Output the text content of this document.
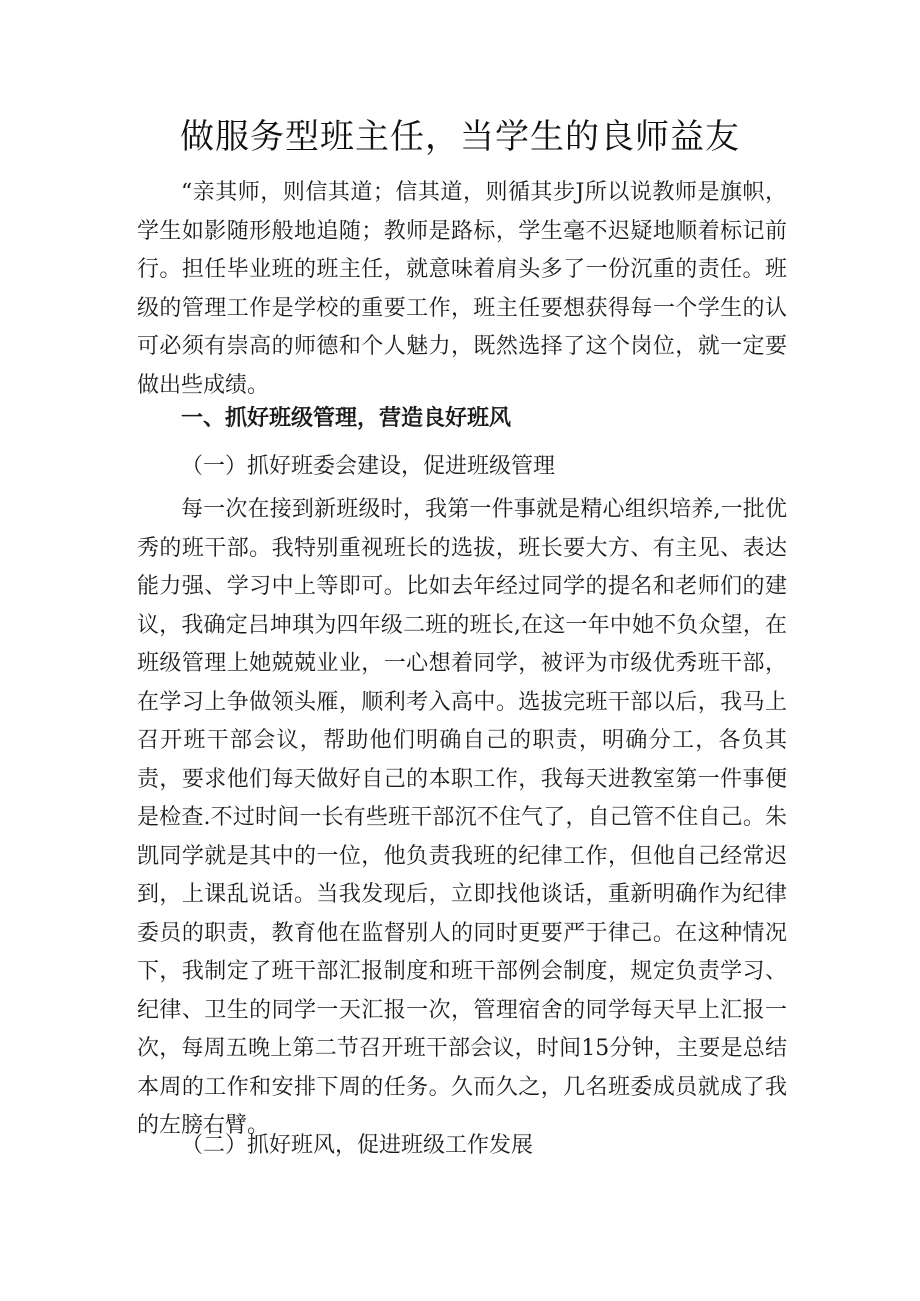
做服务型班主任，当学生的良师益友

“亲其师，则信其道；信其道，则循其步J所以说教师是旗帜，学生如影随形般地追随；教师是路标，学生毫不迟疑地顺着标记前行。担任毕业班的班主任，就意味着肩头多了一份沉重的责任。班级的管理工作是学校的重要工作，班主任要想获得每一个学生的认可必须有崇高的师德和个人魅力，既然选择了这个岗位，就一定要做出些成绩。

一、抓好班级管理，营造良好班风

（一）抓好班委会建设，促进班级管理

每一次在接到新班级时，我第一件事就是精心组织培养,一批优秀的班干部。我特别重视班长的选拔，班长要大方、有主见、表达能力强、学习中上等即可。比如去年经过同学的提名和老师们的建议，我确定吕坤琪为四年级二班的班长,在这一年中她不负众望，在班级管理上她兢兢业业，一心想着同学，被评为市级优秀班干部，在学习上争做领头雁，顺利考入高中。选拔完班干部以后，我马上召开班干部会议，帮助他们明确自己的职责，明确分工，各负其责，要求他们每天做好自己的本职工作，我每天进教室第一件事便是检查.不过时间一长有些班干部沉不住气了，自己管不住自己。朱凯同学就是其中的一位，他负责我班的纪律工作，但他自己经常迟到，上课乱说话。当我发现后，立即找他谈话，重新明确作为纪律委员的职责，教育他在监督别人的同时更要严于律己。在这种情况下，我制定了班干部汇报制度和班干部例会制度，规定负责学习、纪律、卫生的同学一天汇报一次，管理宿舍的同学每天早上汇报一次，每周五晚上第二节召开班干部会议，时间15分钟，主要是总结本周的工作和安排下周的任务。久而久之，几名班委成员就成了我的左膀右臂。

（二）抓好班风，促进班级工作发展
